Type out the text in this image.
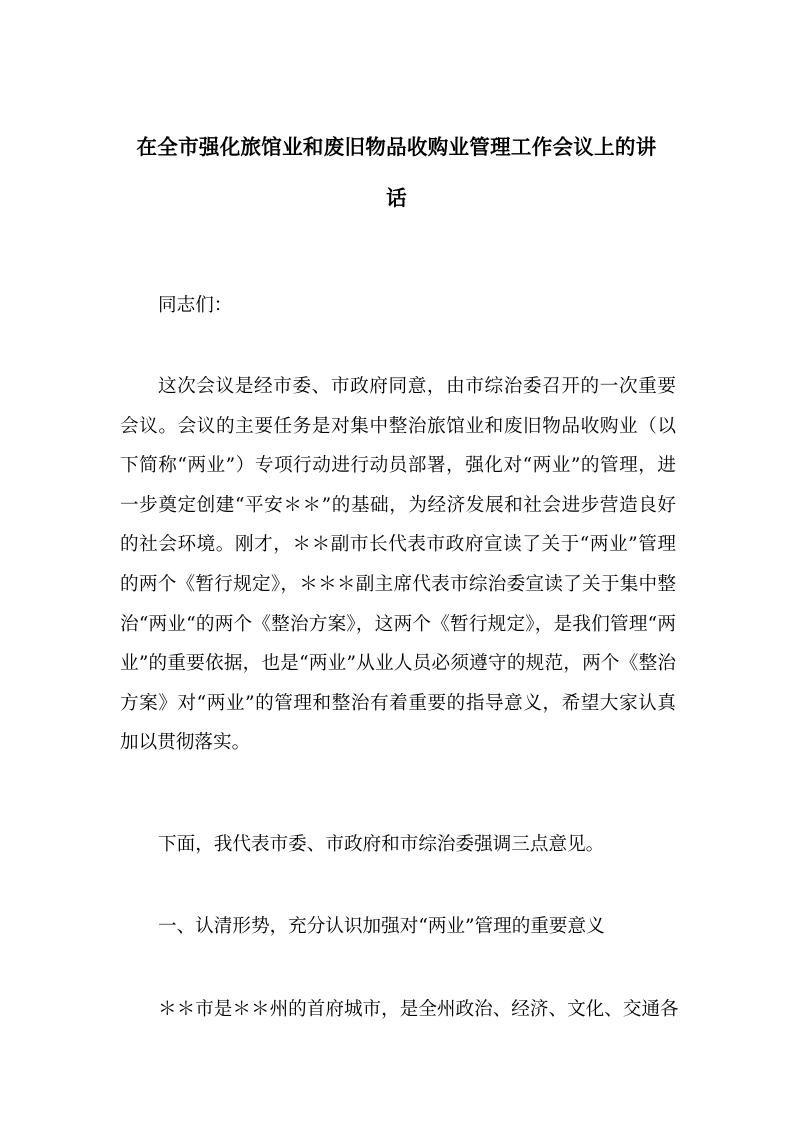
在全市强化旅馆业和废旧物品收购业管理工作会议上的讲
话

同志们：

这次会议是经市委、市政府同意，由市综治委召开的一次重要会议。会议的主要任务是对集中整治旅馆业和废旧物品收购业（以下简称“两业”）专项行动进行动员部署，强化对“两业”的管理，进一步奠定创建“平安＊＊”的基础，为经济发展和社会进步营造良好的社会环境。刚才，＊＊副市长代表市政府宣读了关于“两业”管理的两个《暂行规定》，＊＊＊副主席代表市综治委宣读了关于集中整治“两业“的两个《整治方案》，这两个《暂行规定》，是我们管理“两业”的重要依据，也是“两业”从业人员必须遵守的规范，两个《整治方案》对“两业”的管理和整治有着重要的指导意义，希望大家认真加以贯彻落实。

下面，我代表市委、市政府和市综治委强调三点意见。

一、认清形势，充分认识加强对“两业”管理的重要意义

＊＊市是＊＊州的首府城市，是全州政治、经济、文化、交通各
